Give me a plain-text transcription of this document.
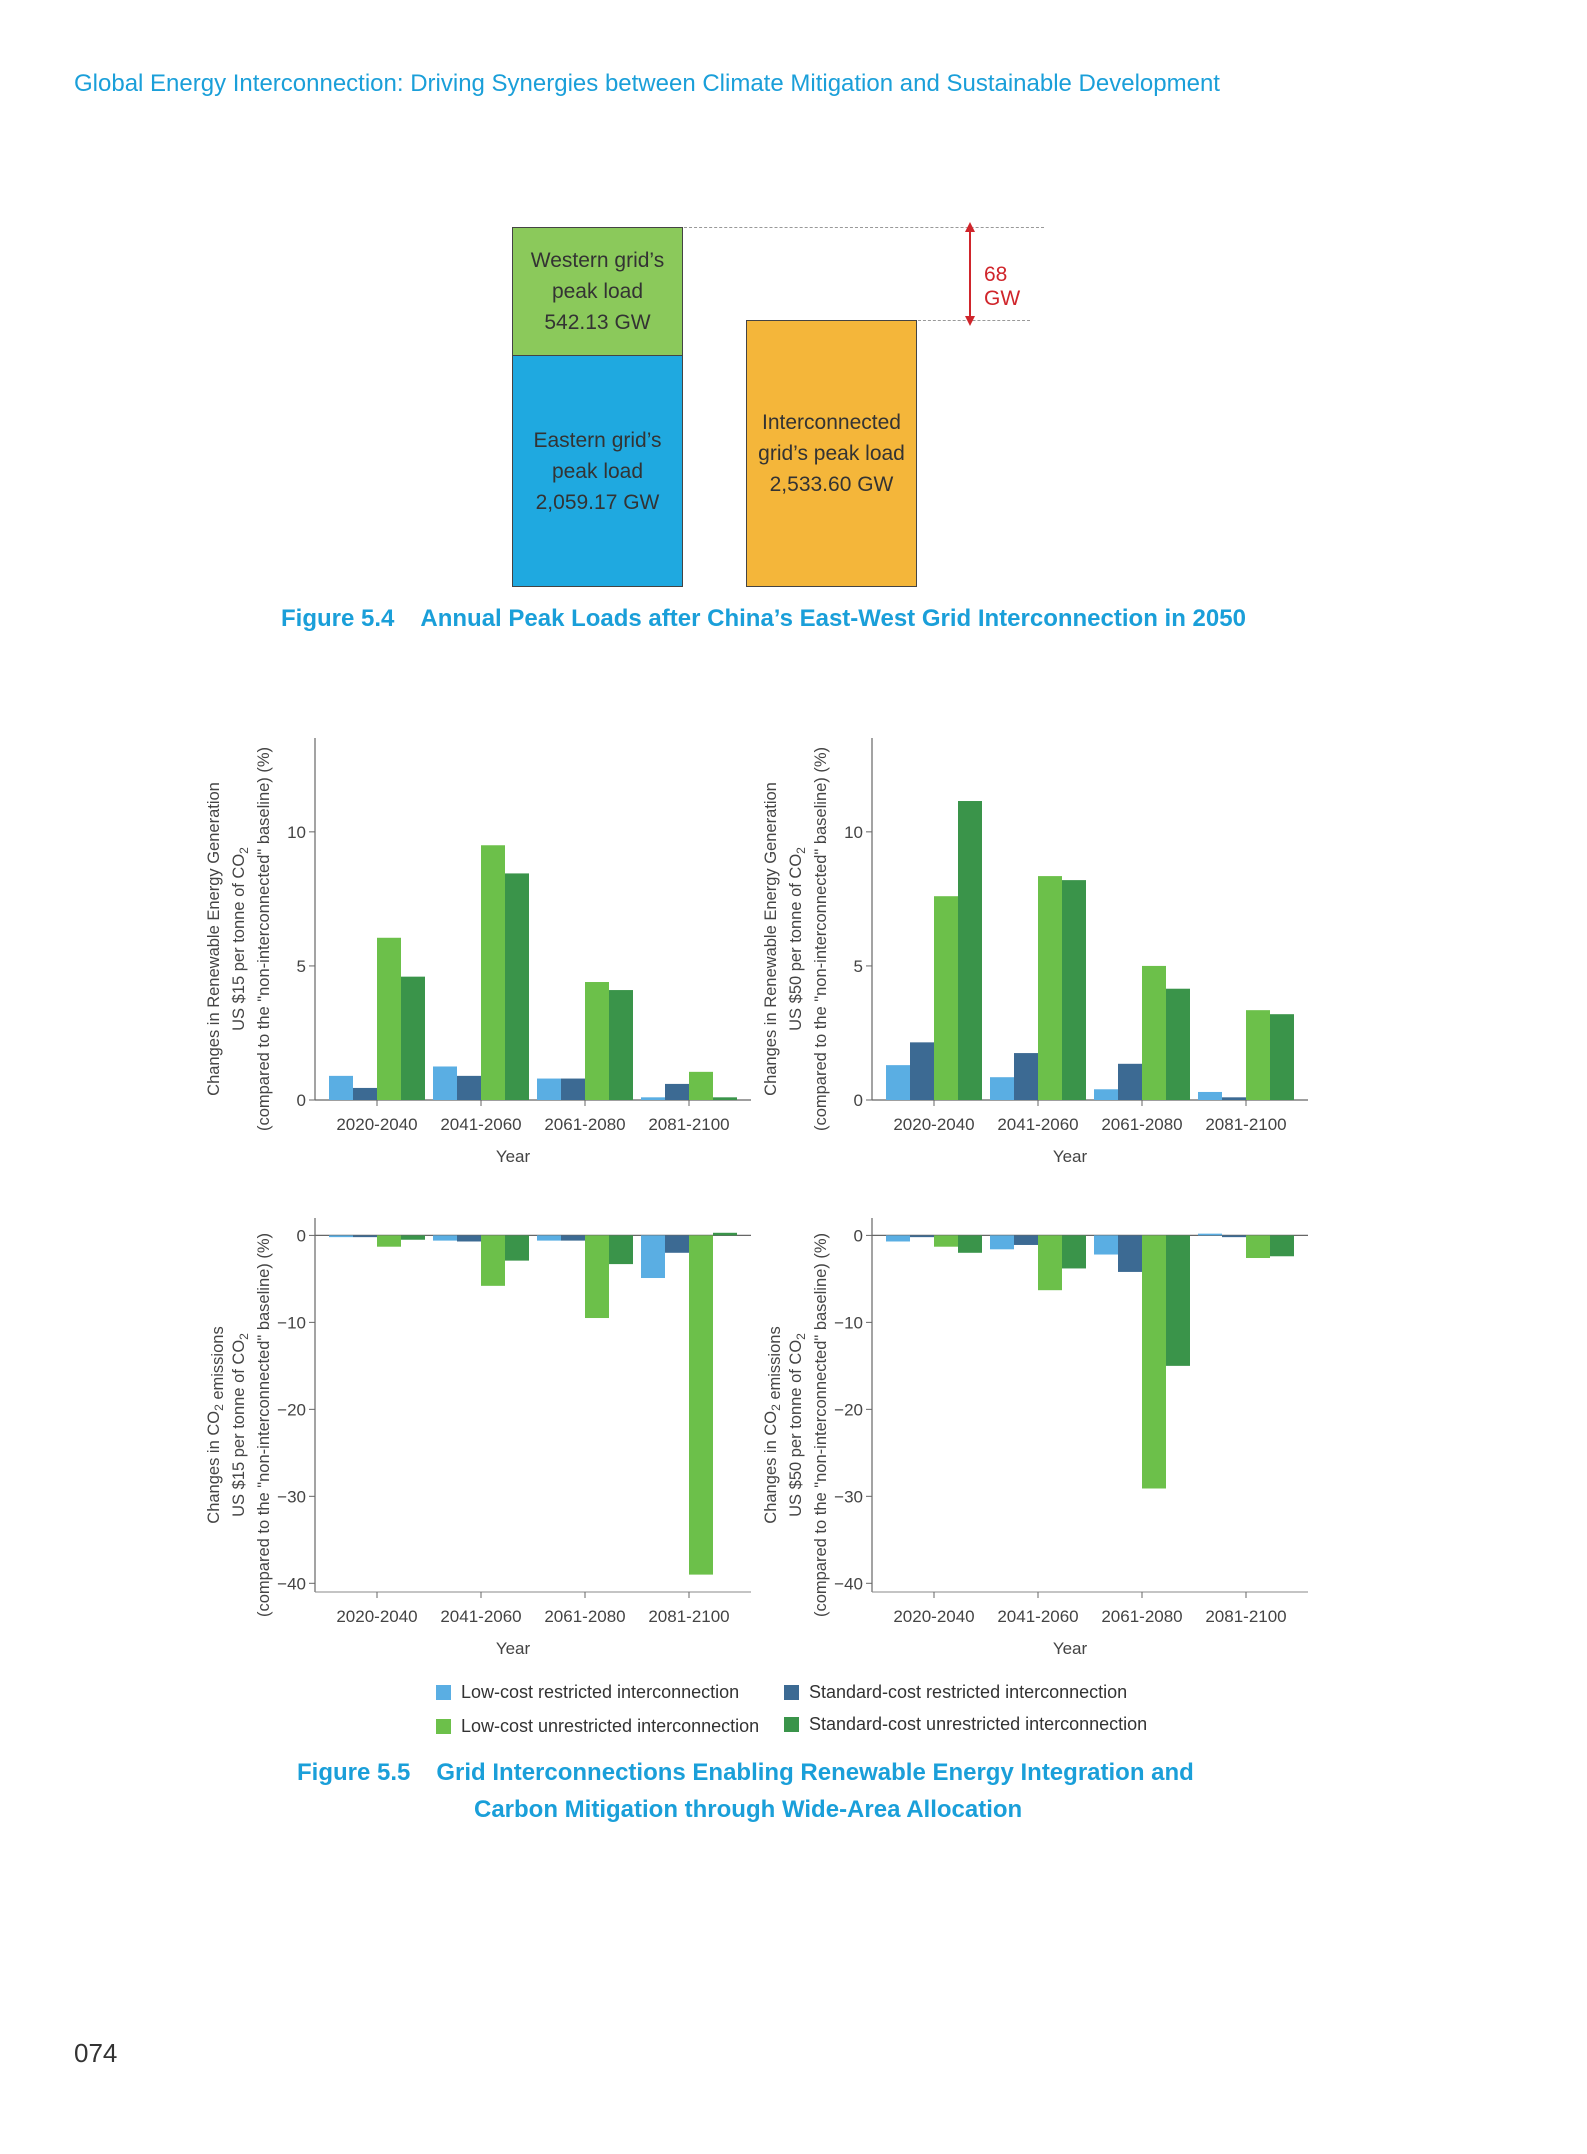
Global Energy Interconnection: Driving Synergies between Climate Mitigation and Sustainable Development
Western grid’s
peak load
542.13 GW
Eastern grid’s
peak load
2,059.17 GW
Interconnected
grid’s peak load
2,533.60 GW
68 GW
Figure 5.4 Annual Peak Loads after China’s East-West Grid Interconnection in 2050
0
5
10
2020-2040 2041-2060 2061-2080 2081-2100
Year
Changes in Renewable Energy Generation US $15 per tonne of $CO_2$ (compared to the "non-interconnected" baseline) (%)	0
5
10
2020-2040 2041-2060 2061-2080 2081-2100
Year
Changes in Renewable Energy Generation US $50 per tonne of $CO_2$ (compared to the "non-interconnected" baseline) (%)
0
−10
−20
−30
−40
2020-2040 2041-2060 2061-2080 2081-2100
Year
Changes in $CO_2$ emissions US $15 per tonne of $CO_2$ (compared to the "non-interconnected" baseline) (%)	0
−10
−20
−30
−40
2020-2040 2041-2060 2061-2080 2081-2100
Year
Changes in $CO_2$ emissions US $50 per tonne of $CO_2$ (compared to the "non-interconnected" baseline) (%)
Low-cost restricted interconnection	Standard-cost restricted interconnection
Low-cost unrestricted interconnection	Standard-cost unrestricted interconnection
Figure 5.5 Grid Interconnections Enabling Renewable Energy Integration and
Carbon Mitigation through Wide-Area Allocation
074
